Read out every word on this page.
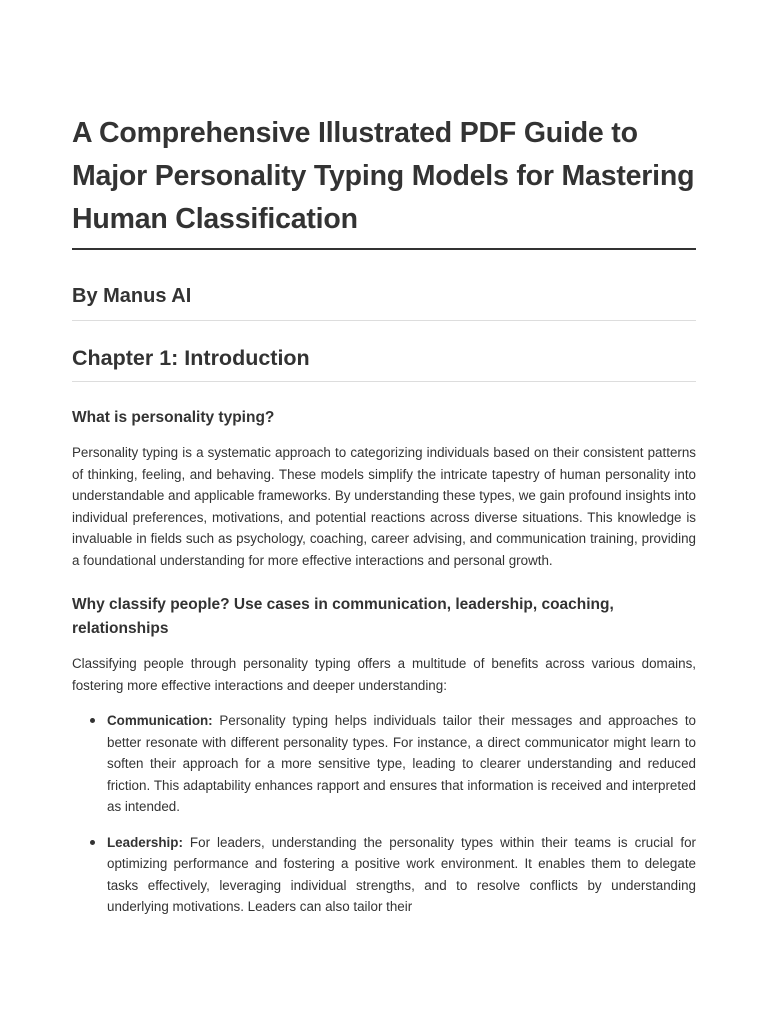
A Comprehensive Illustrated PDF Guide to Major Personality Typing Models for Mastering Human Classification
By Manus AI
Chapter 1: Introduction
What is personality typing?

Personality typing is a systematic approach to categorizing individuals based on their consistent patterns of thinking, feeling, and behaving. These models simplify the intricate tapestry of human personality into understandable and applicable frameworks. By understanding these types, we gain profound insights into individual preferences, motivations, and potential reactions across diverse situations. This knowledge is invaluable in fields such as psychology, coaching, career advising, and communication training, providing a foundational understanding for more effective interactions and personal growth.

Why classify people? Use cases in communication, leadership, coaching, relationships

Classifying people through personality typing offers a multitude of benefits across various domains, fostering more effective interactions and deeper understanding:

Communication: Personality typing helps individuals tailor their messages and approaches to better resonate with different personality types. For instance, a direct communicator might learn to soften their approach for a more sensitive type, leading to clearer understanding and reduced friction. This adaptability enhances rapport and ensures that information is received and interpreted as intended.
Leadership: For leaders, understanding the personality types within their teams is crucial for optimizing performance and fostering a positive work environment. It enables them to delegate tasks effectively, leveraging individual strengths, and to resolve conflicts by understanding underlying motivations. Leaders can also tailor their
